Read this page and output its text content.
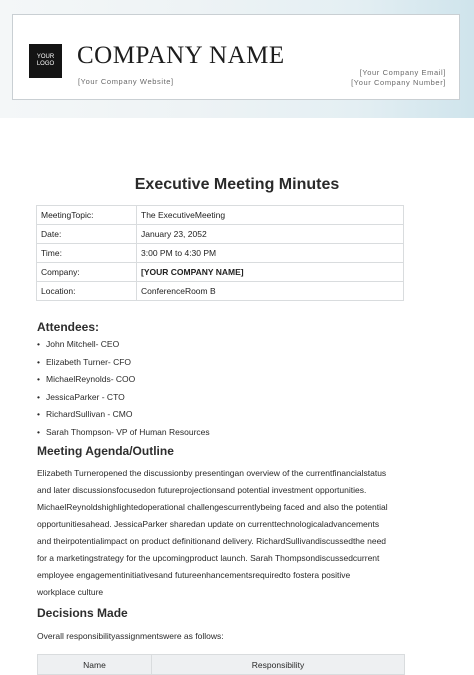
YOUR
LOGO COMPANY NAME
[Your Company Website]
[Your Company Email]
[Your Company Number]
Executive Meeting Minutes
MeetingTopic:	The ExecutiveMeeting
Date:	January 23, 2052
Time:	3:00 PM to 4:30 PM
Company:	[YOUR COMPANY NAME]
Location:	ConferenceRoom B
Attendees:
• John Mitchell- CEO
• Elizabeth Turner- CFO
• MichaelReynolds- COO
• JessicaParker - CTO
• RichardSullivan - CMO
• Sarah Thompson- VP of Human Resources
Meeting Agenda/Outline
Elizabeth Turneropened the discussionby presentingan overview of the currentfinancialstatus
and later discussionsfocusedon futureprojectionsand potential investment opportunities.
MichaelReynoldshighlightedoperational challengescurrentlybeing faced and also the potential
opportunitiesahead. JessicaParker sharedan update on currenttechnologicaladvancements
and theirpotentialimpact on product definitionand delivery. RichardSullivandiscussedthe need
for a marketingstrategy for the upcomingproduct launch. Sarah Thompsondiscussedcurrent
employee engagementinitiativesand futureenhancementsrequiredto fostera positive
workplace culture
Decisions Made
Overall responsibilityassignmentswere as follows:
Name	Responsibility
